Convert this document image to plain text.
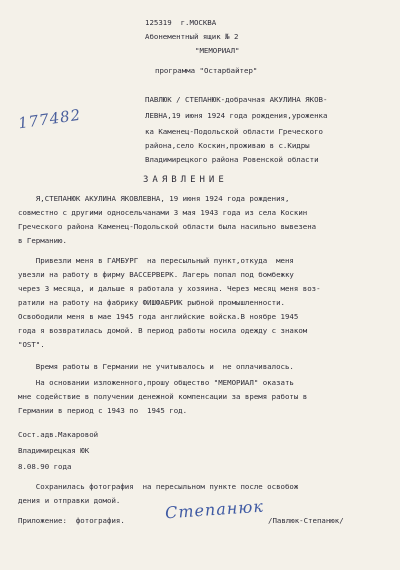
125319  г.МОСКВА
Абонементный ящик № 2
"МЕМОРИАЛ"
программа "Остарбайтер"
177482
ПАВЛЮК / СТЕПАНЮК-добрачная АКУЛИНА ЯКОВ-
ЛЕВНА,19 июня 1924 года рождения,уроженка
ка Каменец-Подольской области Греческого
района,село Коскин,проживаю в с.Кидры
Владимирецкого района Ровенской области
ЗАЯВЛЕНИЕ
Я,СТЕПАНЮК АКУЛИНА ЯКОВЛЕВНА, 19 июня 1924 года рождения,
совместно с другими односельчанами 3 мая 1943 года из села Коскин
Греческого района Каменец-Подольской области была насильно вывезена
в Германию.
Привезли меня в ГАМБУРГ  на пересыльный пункт,откуда  меня
увезли на работу в фирму ВАССЕРВЕРК. Лагерь попал под бомбежку
через 3 месяца, и дальше я работала у хозяина. Через месяц меня воз-
ратили на работу на фабрику ФИШФАБРИК рыбной промышленности.
Освободили меня в мае 1945 года английские войска.В ноябре 1945
года я возвратилась домой. В период работы носила одежду с знаком
"OST".
Время работы в Германии не учитывалось и  не оплачивалось.
На основании изложенного,прошу общество "МЕМОРИАЛ" оказать
мне содействие в получении денежной компенсации за время работы в
Германии в период с 1943 по  1945 год.
Сост.адв.Макаровой
Владимирецкая ЮК
8.08.90 года
Сохранилась фотография  на пересыльном пункте после освобож
дения и отправки домой.
Приложение:  фотография. Степанюк /Павлюк-Степанюк/
